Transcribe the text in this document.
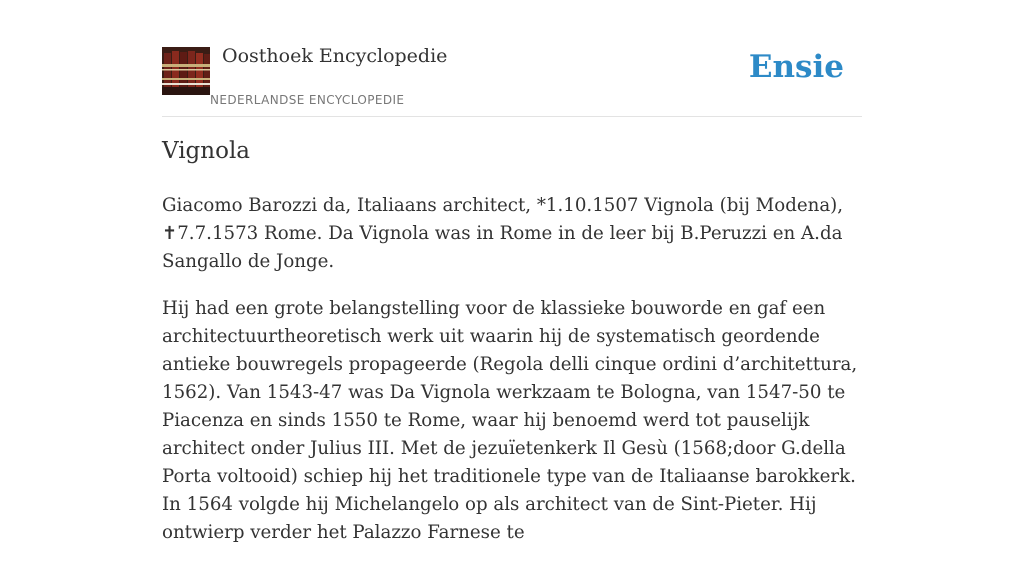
Oosthoek Encyclopedie
NEDERLANDSE ENCYCLOPEDIE
Ensie
Vignola

Giacomo Barozzi da, Italiaans architect, *1.10.1507 Vignola (bij Modena), ✝7.7.1573 Rome. Da Vignola was in Rome in de leer bij B.Peruzzi en A.da Sangallo de Jonge.

Hij had een grote belangstelling voor de klassieke bouworde en gaf een architectuurtheoretisch werk uit waarin hij de systematisch geordende antieke bouwregels propageerde (Regola delli cinque ordini d’architettura, 1562). Van 1543-47 was Da Vignola werkzaam te Bologna, van 1547-50 te Piacenza en sinds 1550 te Rome, waar hij benoemd werd tot pauselijk architect onder Julius III. Met de jezuïetenkerk Il Gesù (1568;door G.della Porta voltooid) schiep hij het traditionele type van de Italiaanse barokkerk. In 1564 volgde hij Michelangelo op als architect van de Sint-Pieter. Hij ontwierp verder het Palazzo Farnese te
